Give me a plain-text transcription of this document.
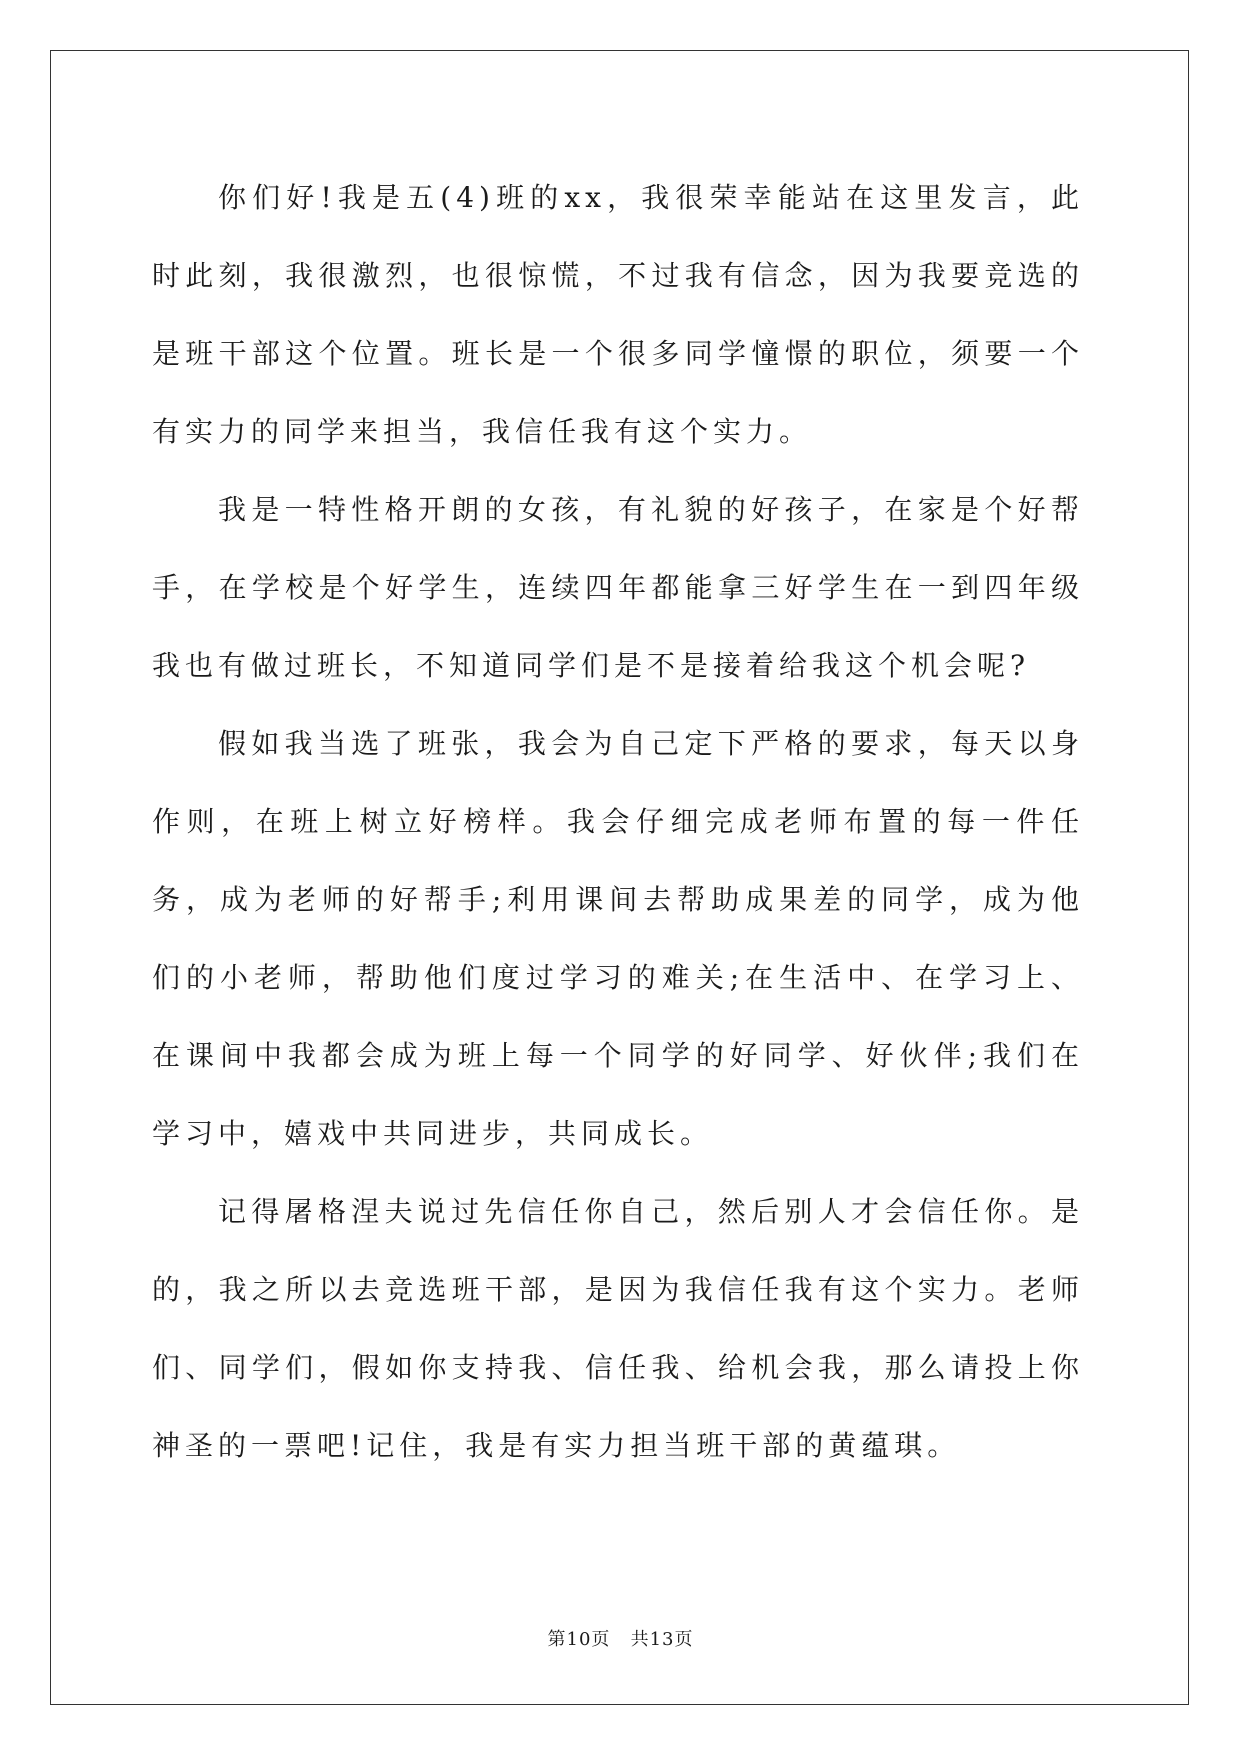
你们好!我是五(4)班的xx，我很荣幸能站在这里发言，此时此刻，我很激烈，也很惊慌，不过我有信念，因为我要竞选的是班干部这个位置。班长是一个很多同学憧憬的职位，须要一个有实力的同学来担当，我信任我有这个实力。

我是一特性格开朗的女孩，有礼貌的好孩子，在家是个好帮手，在学校是个好学生，连续四年都能拿三好学生在一到四年级我也有做过班长，不知道同学们是不是接着给我这个机会呢?

假如我当选了班张，我会为自己定下严格的要求，每天以身作则，在班上树立好榜样。我会仔细完成老师布置的每一件任务，成为老师的好帮手;利用课间去帮助成果差的同学，成为他们的小老师，帮助他们度过学习的难关;在生活中、在学习上、在课间中我都会成为班上每一个同学的好同学、好伙伴;我们在学习中，嬉戏中共同进步，共同成长。

记得屠格涅夫说过先信任你自己，然后别人才会信任你。是的，我之所以去竞选班干部，是因为我信任我有这个实力。老师们、同学们，假如你支持我、信任我、给机会我，那么请投上你神圣的一票吧!记住，我是有实力担当班干部的黄蕴琪。

第10页 共13页
